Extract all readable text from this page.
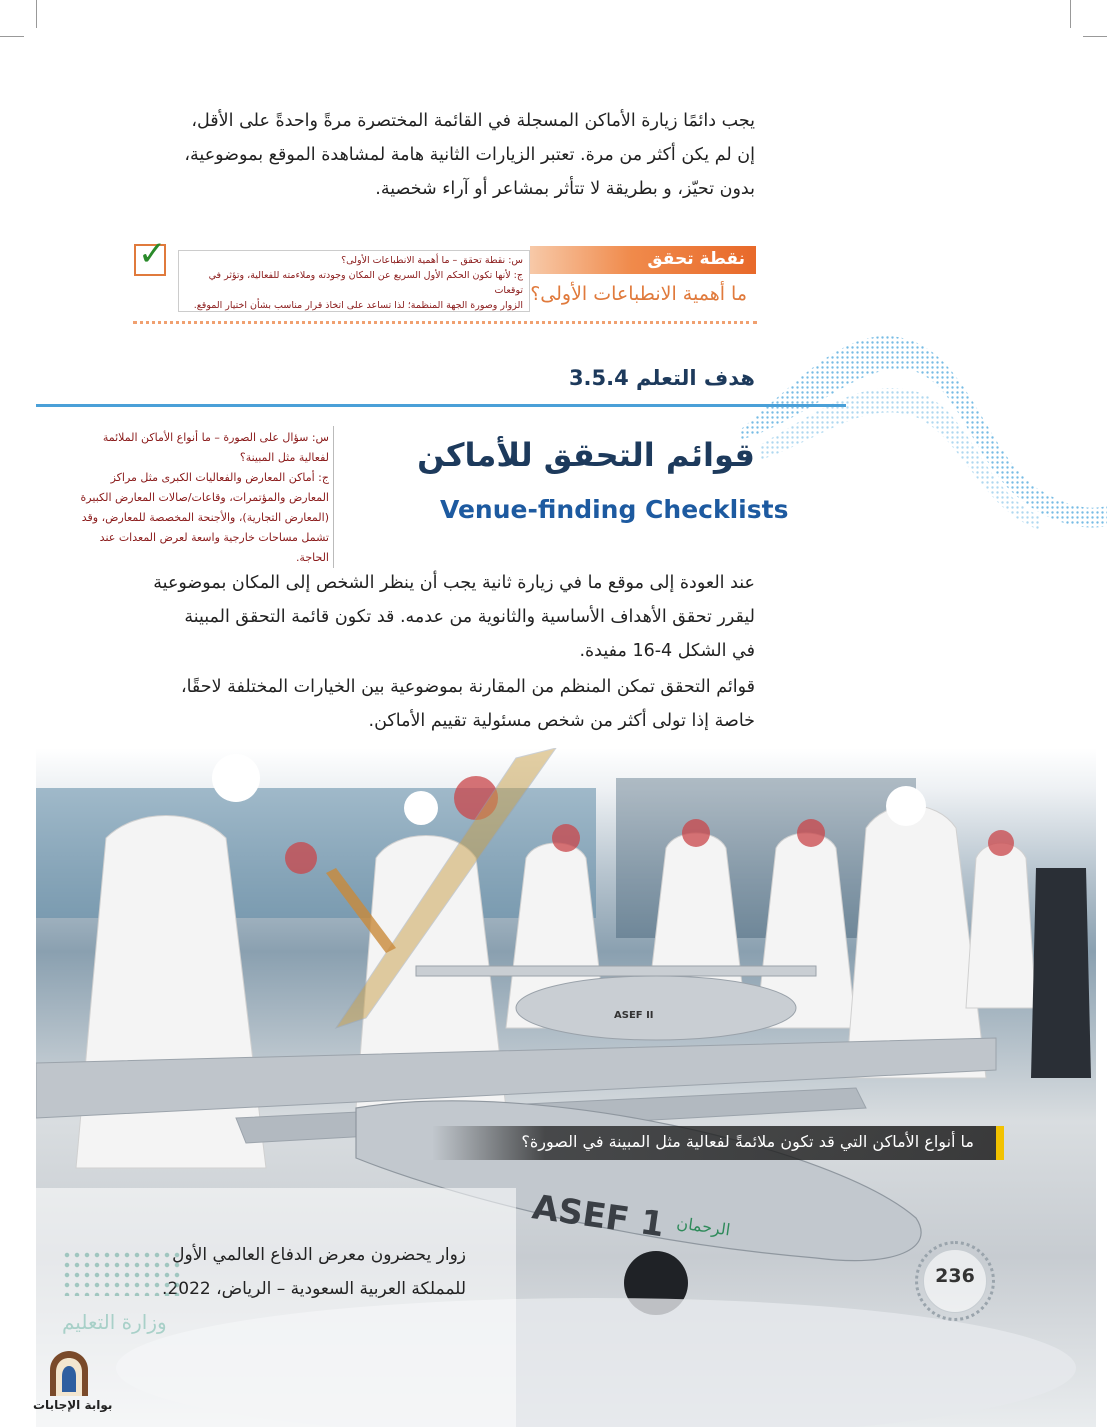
يجب دائمًا زيارة الأماكن المسجلة في القائمة المختصرة مرةً واحدةً على الأقل،

إن لم يكن أكثر من مرة. تعتبر الزيارات الثانية هامة لمشاهدة الموقع بموضوعية،

بدون تحيّز، و بطريقة لا تتأثر بمشاعر أو آراء شخصية.

✓	نقطة تحقق
ما أهمية الانطباعات الأولى؟

س: نقطة تحقق – ما أهمية الانطباعات الأولى؟

ج: لأنها تكون الحكم الأول السريع عن المكان وجودته وملاءمته للفعالية، وتؤثر في توقعات

الزوار وصورة الجهة المنظمة؛ لذا تساعد على اتخاذ قرار مناسب بشأن اختيار الموقع.

هدف التعلم 3.5.4
قوائم التحقق للأماكن
Venue-finding Checklists

س: سؤال على الصورة – ما أنواع الأماكن الملائمة

لفعالية مثل المبينة؟

ج: أماكن المعارض والفعاليات الكبرى مثل مراكز

المعارض والمؤتمرات، وقاعات/صالات المعارض الكبيرة

(المعارض التجارية)، والأجنحة المخصصة للمعارض، وقد

تشمل مساحات خارجية واسعة لعرض المعدات عند

الحاجة.

عند العودة إلى موقع ما في زيارة ثانية يجب أن ينظر الشخص إلى المكان بموضوعية

ليقرر تحقق الأهداف الأساسية والثانوية من عدمه. قد تكون قائمة التحقق المبينة

في الشكل 4-16 مفيدة.

قوائم التحقق تمكن المنظم من المقارنة بموضوعية بين الخيارات المختلفة لاحقًا،

خاصة إذا تولى أكثر من شخص مسئولية تقييم الأماكن.

ASEF II
ASEF 1 الرحمان
ما أنواع الأماكن التي قد تكون ملائمةً لفعالية مثل المبينة في الصورة؟

زوار يحضرون معرض الدفاع العالمي الأول

للمملكة العربية السعودية – الرياض، 2022.

236
وزارة التعليم
بوابة الإجابات
